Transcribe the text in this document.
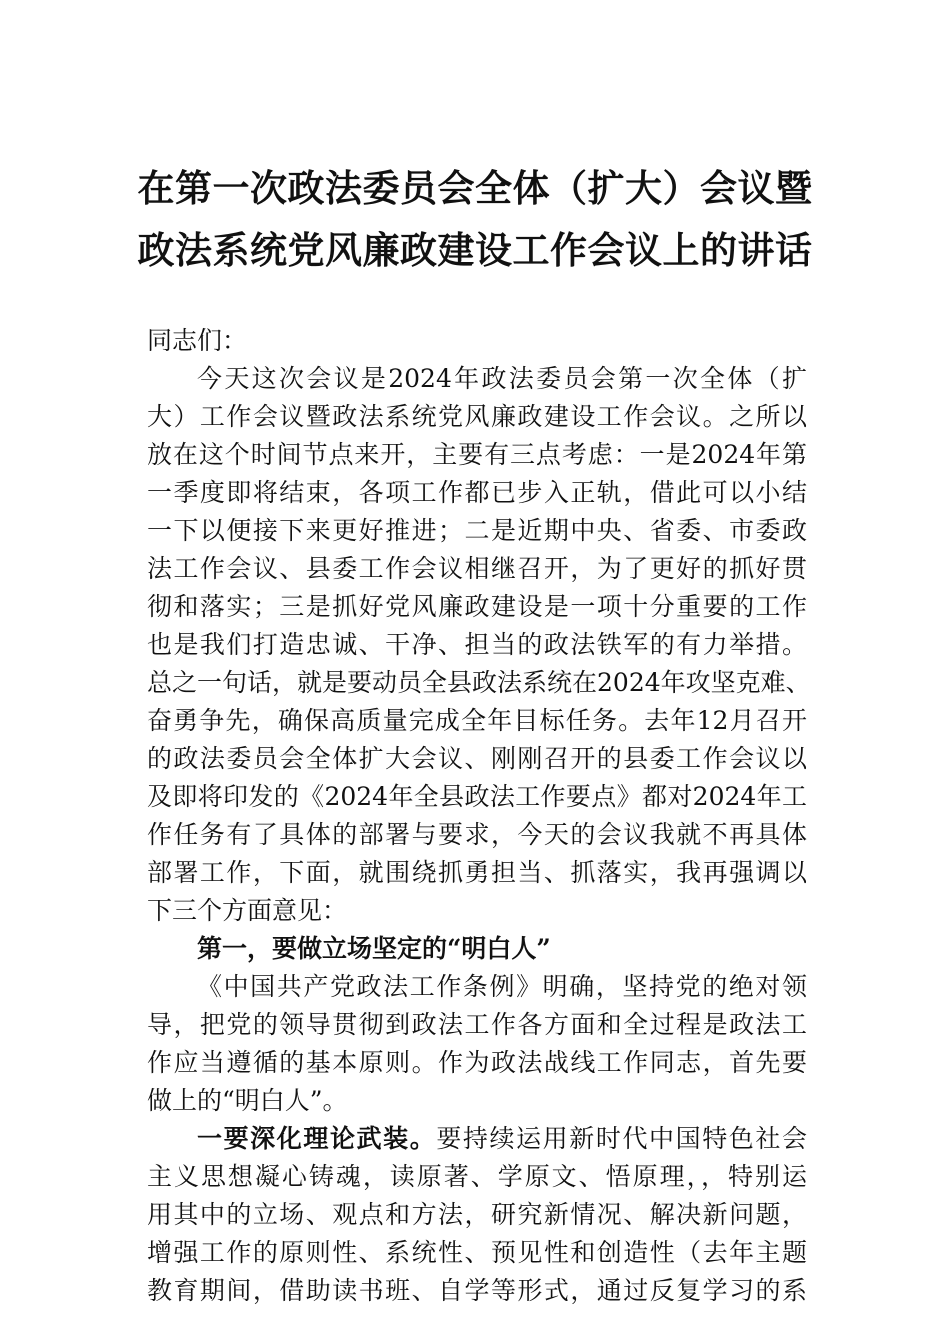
在第一次政法委员会全体（扩大）会议暨
政法系统党风廉政建设工作会议上的讲话
同志们：
今天这次会议是2024年政法委员会第一次全体（扩
大）工作会议暨政法系统党风廉政建设工作会议。之所以
放在这个时间节点来开，主要有三点考虑：一是2024年第
一季度即将结束，各项工作都已步入正轨，借此可以小结
一下以便接下来更好推进；二是近期中央、省委、市委政
法工作会议、县委工作会议相继召开，为了更好的抓好贯
彻和落实；三是抓好党风廉政建设是一项十分重要的工作
也是我们打造忠诚、干净、担当的政法铁军的有力举措。
总之一句话，就是要动员全县政法系统在2024年攻坚克难、
奋勇争先，确保高质量完成全年目标任务。去年12月召开
的政法委员会全体扩大会议、刚刚召开的县委工作会议以
及即将印发的《2024年全县政法工作要点》都对2024年工
作任务有了具体的部署与要求，今天的会议我就不再具体
部署工作，下面，就围绕抓勇担当、抓落实，我再强调以
下三个方面意见：
第一，要做立场坚定的“明白人”
《中国共产党政法工作条例》明确，坚持党的绝对领
导，把党的领导贯彻到政法工作各方面和全过程是政法工
作应当遵循的基本原则。作为政法战线工作同志，首先要
做上的“明白人”。
一要深化理论武装。要持续运用新时代中国特色社会
主义思想凝心铸魂，读原著、学原文、悟原理，，特别运
用其中的立场、观点和方法，研究新情况、解决新问题，
增强工作的原则性、系统性、预见性和创造性（去年主题
教育期间，借助读书班、自学等形式，通过反复学习的系
